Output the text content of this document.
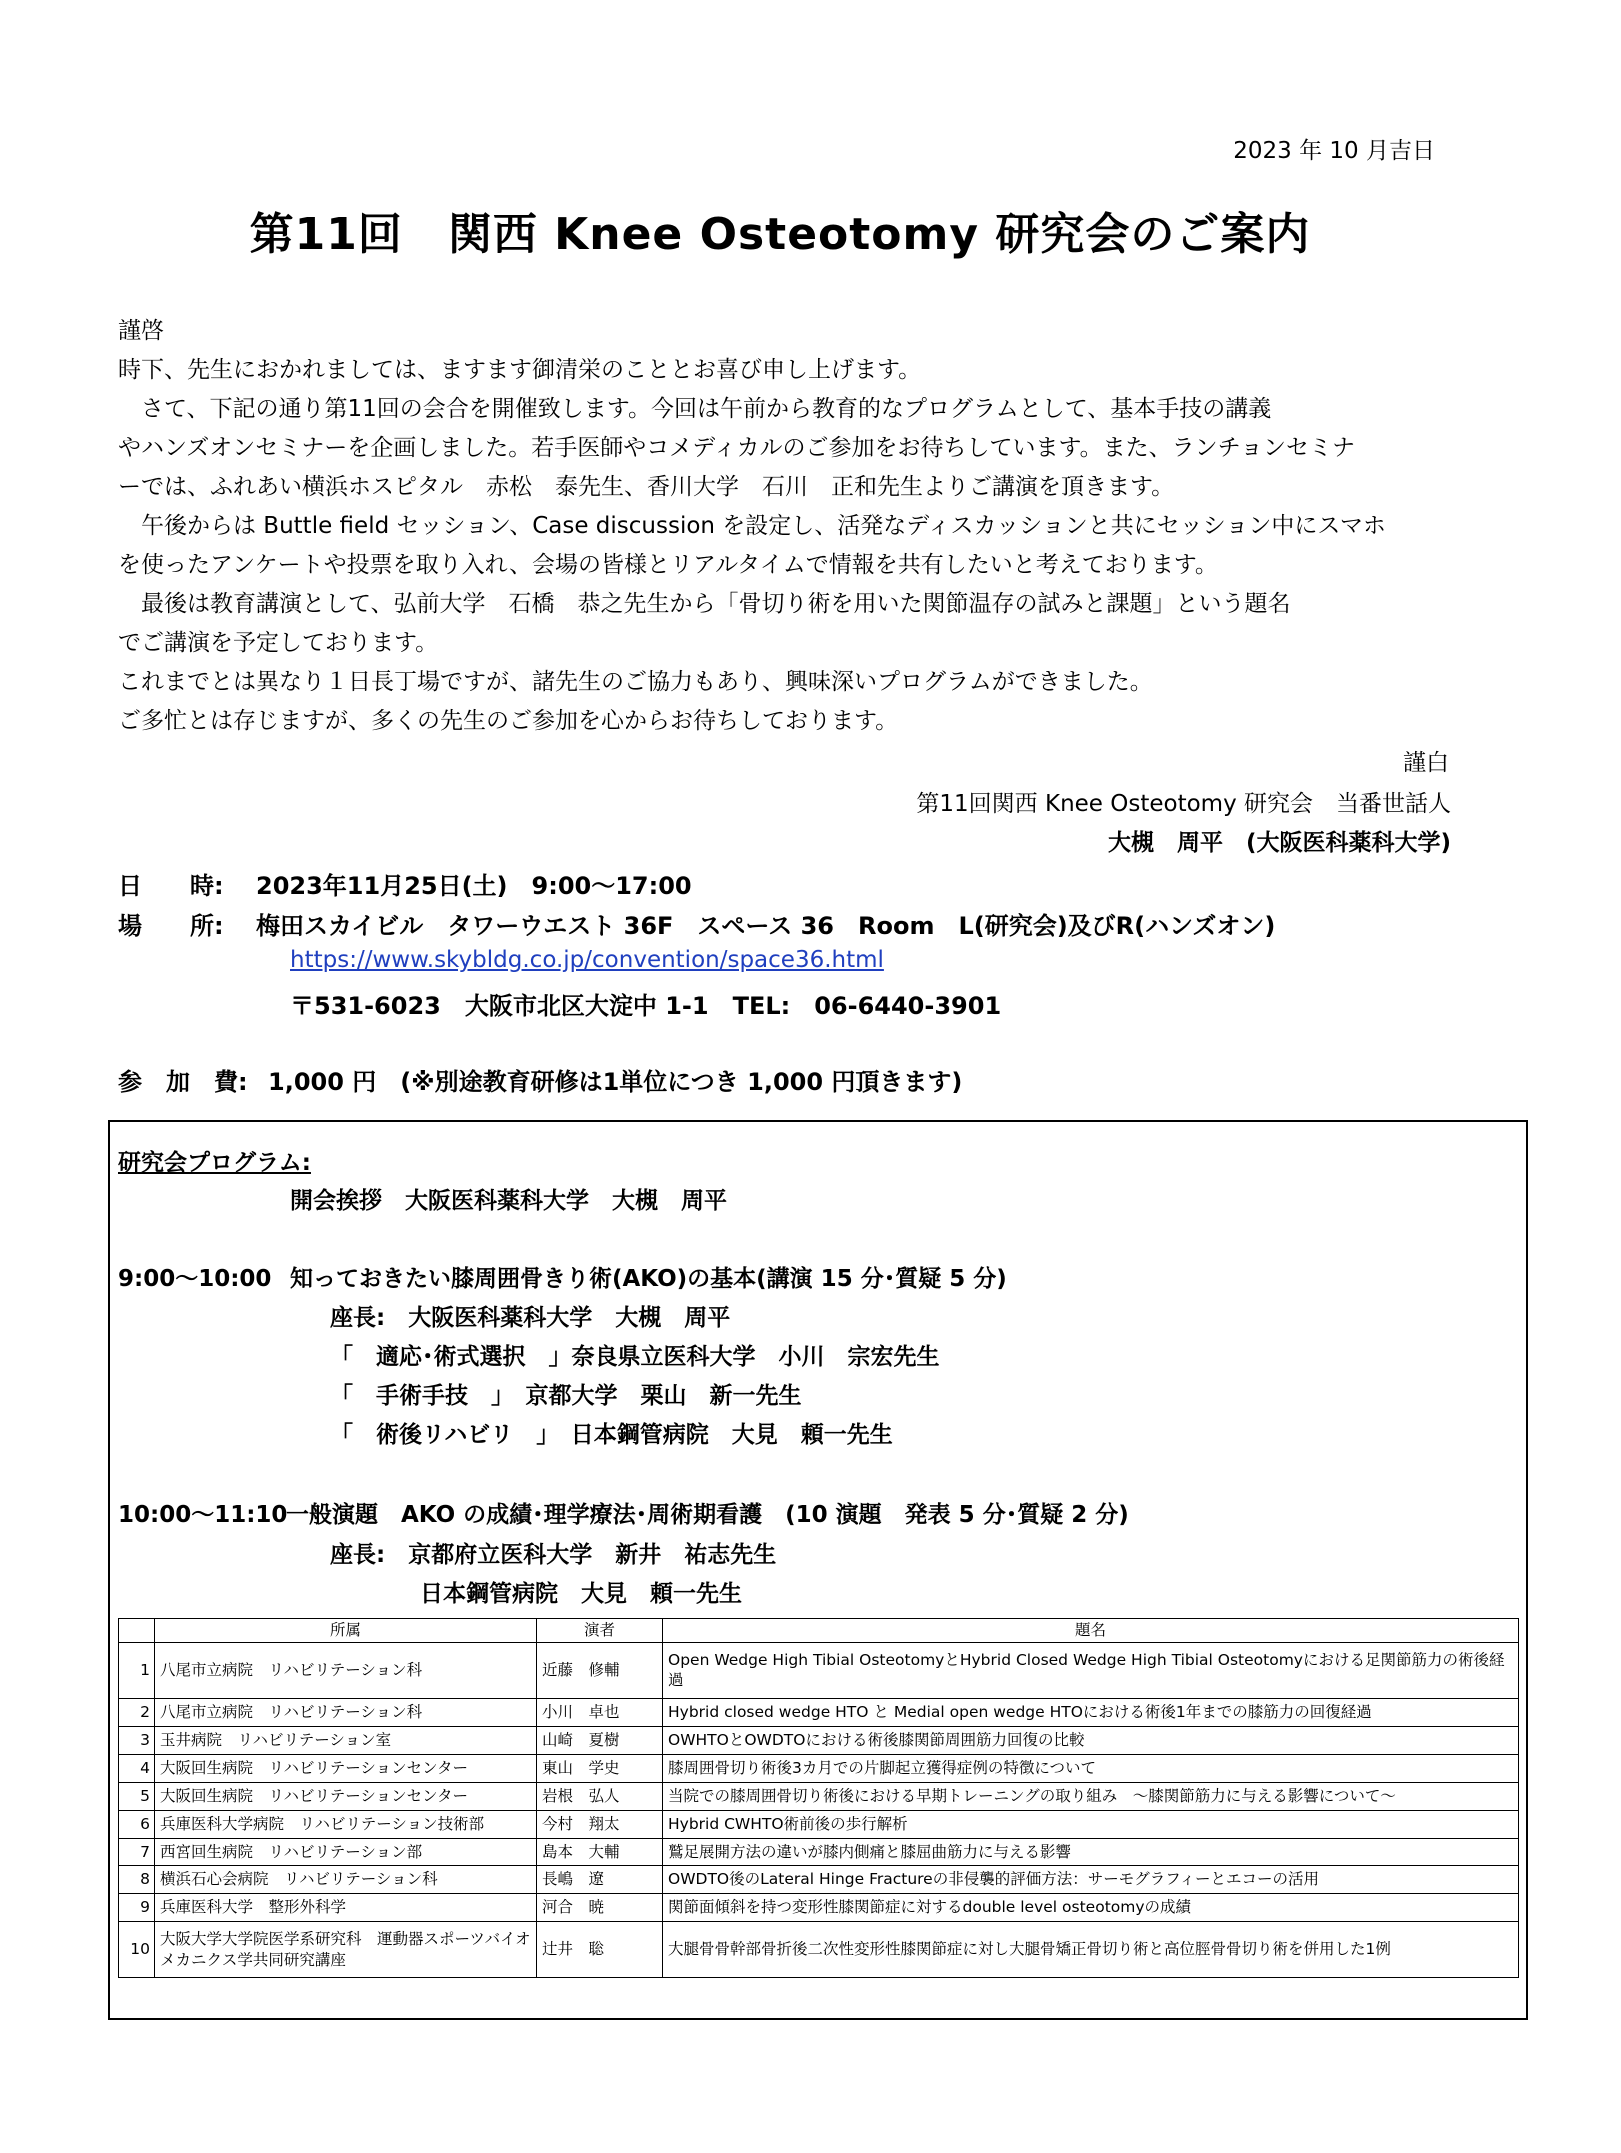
2023 年 10 月吉日
第11回　関西 Knee Osteotomy 研究会のご案内
謹啓
時下、先生におかれましては、ますます御清栄のこととお喜び申し上げます。
　さて、下記の通り第11回の会合を開催致します。今回は午前から教育的なプログラムとして、基本手技の講義
やハンズオンセミナーを企画しました。若手医師やコメディカルのご参加をお待ちしています。また、ランチョンセミナ
ーでは、ふれあい横浜ホスピタル　赤松　泰先生、香川大学　石川　正和先生よりご講演を頂きます。
　午後からは Buttle field セッション、Case discussion を設定し、活発なディスカッションと共にセッション中にスマホ
を使ったアンケートや投票を取り入れ、会場の皆様とリアルタイムで情報を共有したいと考えております。
　最後は教育講演として、弘前大学　石橋　恭之先生から「骨切り術を用いた関節温存の試みと課題」という題名
でご講演を予定しております。
これまでとは異なり１日長丁場ですが、諸先生のご協力もあり、興味深いプログラムができました。
ご多忙とは存じますが、多くの先生のご参加を心からお待ちしております。
謹白
第11回関西 Knee Osteotomy 研究会　当番世話人
大槻　周平　(大阪医科薬科大学)
日　　時:	2023年11月25日(土)　9:00～17:00
場　　所:	梅田スカイビル　タワーウエスト 36F　スペース 36　Room　L(研究会)及びR(ハンズオン)
https://www.skybldg.co.jp/convention/space36.html
〒531-6023　大阪市北区大淀中 1-1　TEL:　06-6440-3901
参　加　費: 1,000 円　(※別途教育研修は1単位につき 1,000 円頂きます)
研究会プログラム:
開会挨拶　大阪医科薬科大学　大槻　周平
9:00～10:00 知っておきたい膝周囲骨きり術(AKO)の基本(講演 15 分･質疑 5 分)
座長:　大阪医科薬科大学　大槻　周平
「　適応･術式選択　」奈良県立医科大学　小川　宗宏先生
「　手術手技　」　京都大学　栗山　新一先生
「　術後リハビリ　」　日本鋼管病院　大見　頼一先生
10:00～11:10
一般演題　AKO の成績･理学療法･周術期看護　(10 演題　発表 5 分･質疑 2 分)
座長:　京都府立医科大学　新井　祐志先生
日本鋼管病院　大見　頼一先生
	所属	演者	題名
1	八尾市立病院　リハビリテーション科	近藤　修輔	Open Wedge High Tibial OsteotomyとHybrid Closed Wedge High Tibial Osteotomyにおける足関節筋力の術後経過
2	八尾市立病院　リハビリテーション科	小川　卓也	Hybrid closed wedge HTO と Medial open wedge HTOにおける術後1年までの膝筋力の回復経過
3	玉井病院　リハビリテーション室	山崎　夏樹	OWHTOとOWDTOにおける術後膝関節周囲筋力回復の比較
4	大阪回生病院　リハビリテーションセンター	東山　学史	膝周囲骨切り術後3カ月での片脚起立獲得症例の特徴について
5	大阪回生病院　リハビリテーションセンター	岩根　弘人	当院での膝周囲骨切り術後における早期トレーニングの取り組み　～膝関節筋力に与える影響について～
6	兵庫医科大学病院　リハビリテーション技術部	今村　翔太	Hybrid CWHTO術前後の歩行解析
7	西宮回生病院　リハビリテーション部	島本　大輔	鷲足展開方法の違いが膝内側痛と膝屈曲筋力に与える影響
8	横浜石心会病院　リハビリテーション科	長嶋　遼	OWDTO後のLateral Hinge Fractureの非侵襲的評価方法：サーモグラフィーとエコーの活用
9	兵庫医科大学　整形外科学	河合　暁	関節面傾斜を持つ変形性膝関節症に対するdouble level osteotomyの成績
10	大阪大学大学院医学系研究科　運動器スポーツバイオメカニクス学共同研究講座	辻井　聡	大腿骨骨幹部骨折後二次性変形性膝関節症に対し大腿骨矯正骨切り術と高位脛骨骨切り術を併用した1例
